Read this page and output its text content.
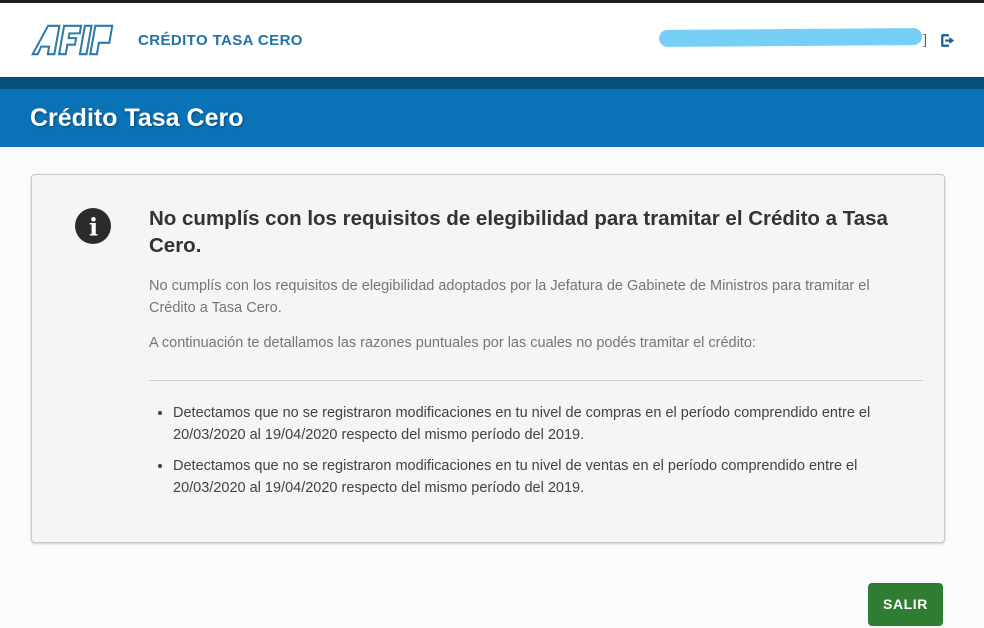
CRÉDITO TASA CERO	]
Crédito Tasa Cero
i No cumplís con los requisitos de elegibilidad para tramitar el Crédito a Tasa Cero.

No cumplís con los requisitos de elegibilidad adoptados por la Jefatura de Gabinete de Ministros para tramitar el Crédito a Tasa Cero.

A continuación te detallamos las razones puntuales por las cuales no podés tramitar el crédito:

• Detectamos que no se registraron modificaciones en tu nivel de compras en el período comprendido entre el 20/03/2020 al 19/04/2020 respecto del mismo período del 2019.
• Detectamos que no se registraron modificaciones en tu nivel de ventas en el período comprendido entre el 20/03/2020 al 19/04/2020 respecto del mismo período del 2019.
SALIR
